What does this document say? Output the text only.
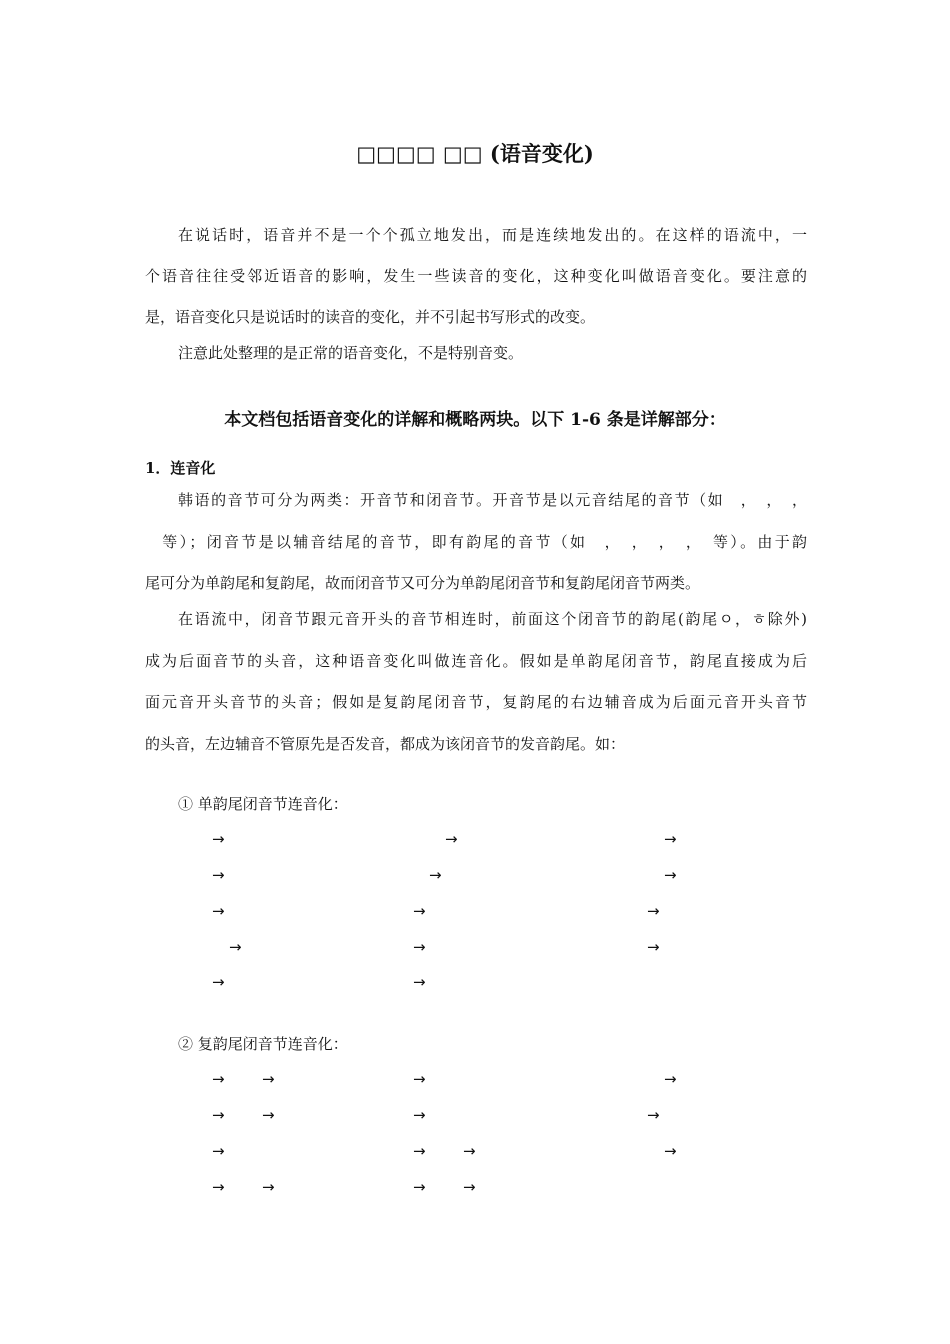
□□□□ □□ (语音变化)
在说话时，语音并不是一个个孤立地发出，而是连续地发出的。在这样的语流中，一
个语音往往受邻近语音的影响，发生一些读音的变化，这种变化叫做语音变化。要注意的
是，语音变化只是说话时的读音的变化，并不引起书写形式的改变。
注意此处整理的是正常的语音变化，不是特别音变。
本文档包括语音变化的详解和概略两块。以下 1-6 条是详解部分：
1．连音化
韩语的音节可分为两类：开音节和闭音节。开音节是以元音结尾的音节（如　，　，　，
　等）；闭音节是以辅音结尾的音节，即有韵尾的音节（如　，　，　，　，　等）。由于韵
尾可分为单韵尾和复韵尾，故而闭音节又可分为单韵尾闭音节和复韵尾闭音节两类。
在语流中，闭音节跟元音开头的音节相连时，前面这个闭音节的韵尾(韵尾ㅇ，ㅎ除外)
成为后面音节的头音，这种语音变化叫做连音化。假如是单韵尾闭音节，韵尾直接成为后
面元音开头音节的头音；假如是复韵尾闭音节，复韵尾的右边辅音成为后面元音开头音节
的头音，左边辅音不管原先是否发音，都成为该闭音节的发音韵尾。如：
① 单韵尾闭音节连音化：
→	→	→
→	→	→
→	→	→
→	→	→
→	→
② 复韵尾闭音节连音化：
→ →	→	→
→ →	→	→
→	→ →	→
→ →	→ →
